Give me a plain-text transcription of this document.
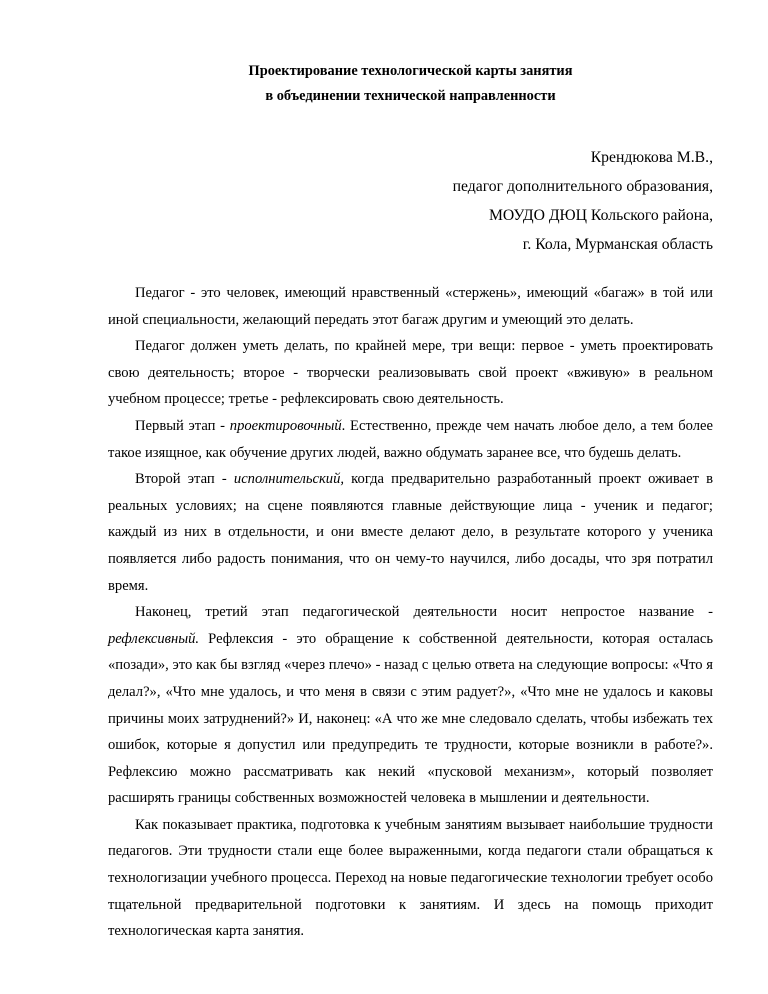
Проектирование технологической карты занятия

в объединении технической направленности

Крендюкова М.В.,
педагог дополнительного образования,
МОУДО ДЮЦ Кольского района,
г. Кола, Мурманская область

Педагог - это человек, имеющий нравственный «стержень», имеющий «багаж» в той или иной специальности, желающий передать этот багаж другим и умеющий это делать.

Педагог должен уметь делать, по крайней мере, три вещи: первое - уметь проектировать свою деятельность; второе - творчески реализовывать свой проект «вживую» в реальном учебном процессе; третье - рефлексировать свою деятельность.

Первый этап - проектировочный. Естественно, прежде чем начать любое дело, а тем более такое изящное, как обучение других людей, важно обдумать заранее все, что будешь делать.

Второй этап - исполнительский, когда предварительно разработанный проект оживает в реальных условиях; на сцене появляются главные действующие лица - ученик и педагог; каждый из них в отдельности, и они вместе делают дело, в результате которого у ученика появляется либо радость понимания, что он чему-то научился, либо досады, что зря потратил время.

Наконец, третий этап педагогической деятельности носит непростое название - рефлексивный. Рефлексия - это обращение к собственной деятельности, которая осталась «позади», это как бы взгляд «через плечо» - назад с целью ответа на следующие вопросы: «Что я делал?», «Что мне удалось, и что меня в связи с этим радует?», «Что мне не удалось и каковы причины моих затруднений?» И, наконец: «А что же мне следовало сделать, чтобы избежать тех ошибок, которые я допустил или предупредить те трудности, которые возникли в работе?». Рефлексию можно рассматривать как некий «пусковой механизм», который позволяет расширять границы собственных возможностей человека в мышлении и деятельности.

Как показывает практика, подготовка к учебным занятиям вызывает наибольшие трудности педагогов. Эти трудности стали еще более выраженными, когда педагоги стали обращаться к технологизации учебного процесса. Переход на новые педагогические технологии требует особо тщательной предварительной подготовки к занятиям. И здесь на помощь приходит технологическая карта занятия.
